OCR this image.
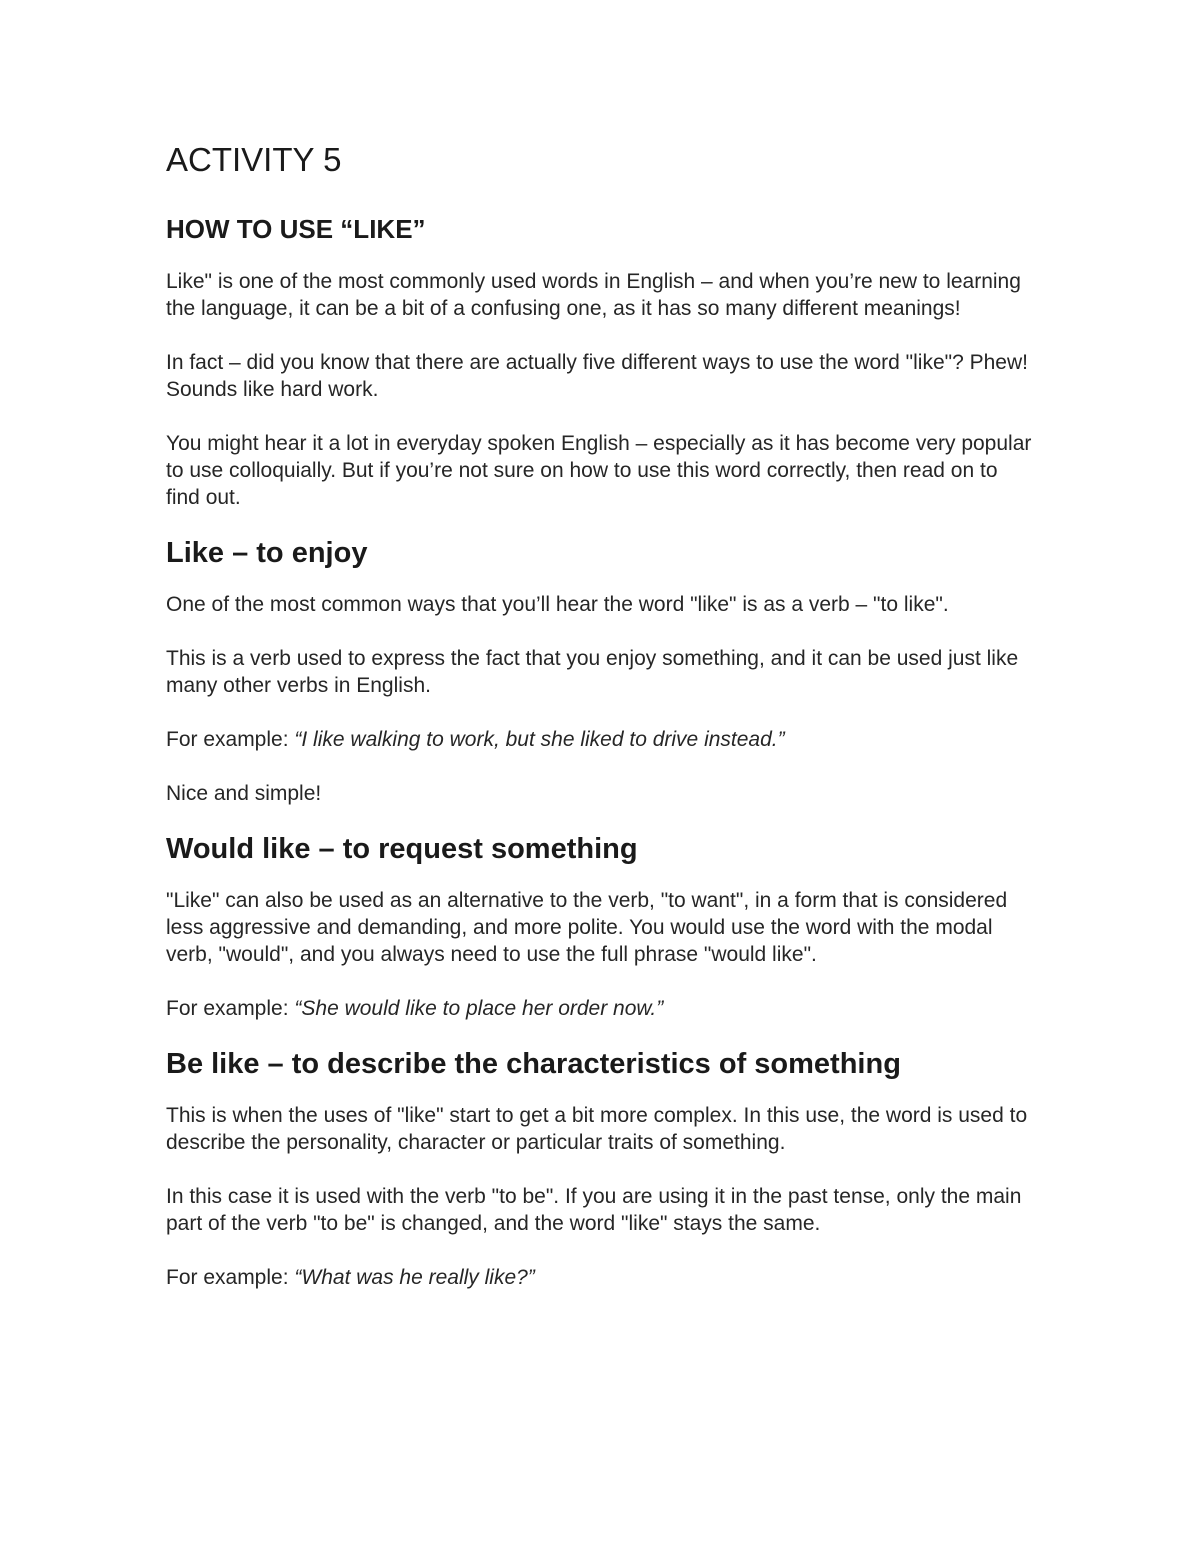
ACTIVITY 5
HOW TO USE “LIKE”

Like" is one of the most commonly used words in English – and when you’re new to learning the language, it can be a bit of a confusing one, as it has so many different meanings!

In fact – did you know that there are actually five different ways to use the word "like"? Phew! Sounds like hard work.

You might hear it a lot in everyday spoken English – especially as it has become very popular to use colloquially. But if you’re not sure on how to use this word correctly, then read on to find out.

Like – to enjoy

One of the most common ways that you’ll hear the word "like" is as a verb – "to like".

This is a verb used to express the fact that you enjoy something, and it can be used just like many other verbs in English.

For example: “I like walking to work, but she liked to drive instead.”

Nice and simple!

Would like – to request something

"Like" can also be used as an alternative to the verb, "to want", in a form that is considered less aggressive and demanding, and more polite. You would use the word with the modal verb, "would", and you always need to use the full phrase "would like".

For example: “She would like to place her order now.”

Be like – to describe the characteristics of something

This is when the uses of "like" start to get a bit more complex. In this use, the word is used to describe the personality, character or particular traits of something.

In this case it is used with the verb "to be". If you are using it in the past tense, only the main part of the verb "to be" is changed, and the word "like" stays the same.

For example: “What was he really like?”
